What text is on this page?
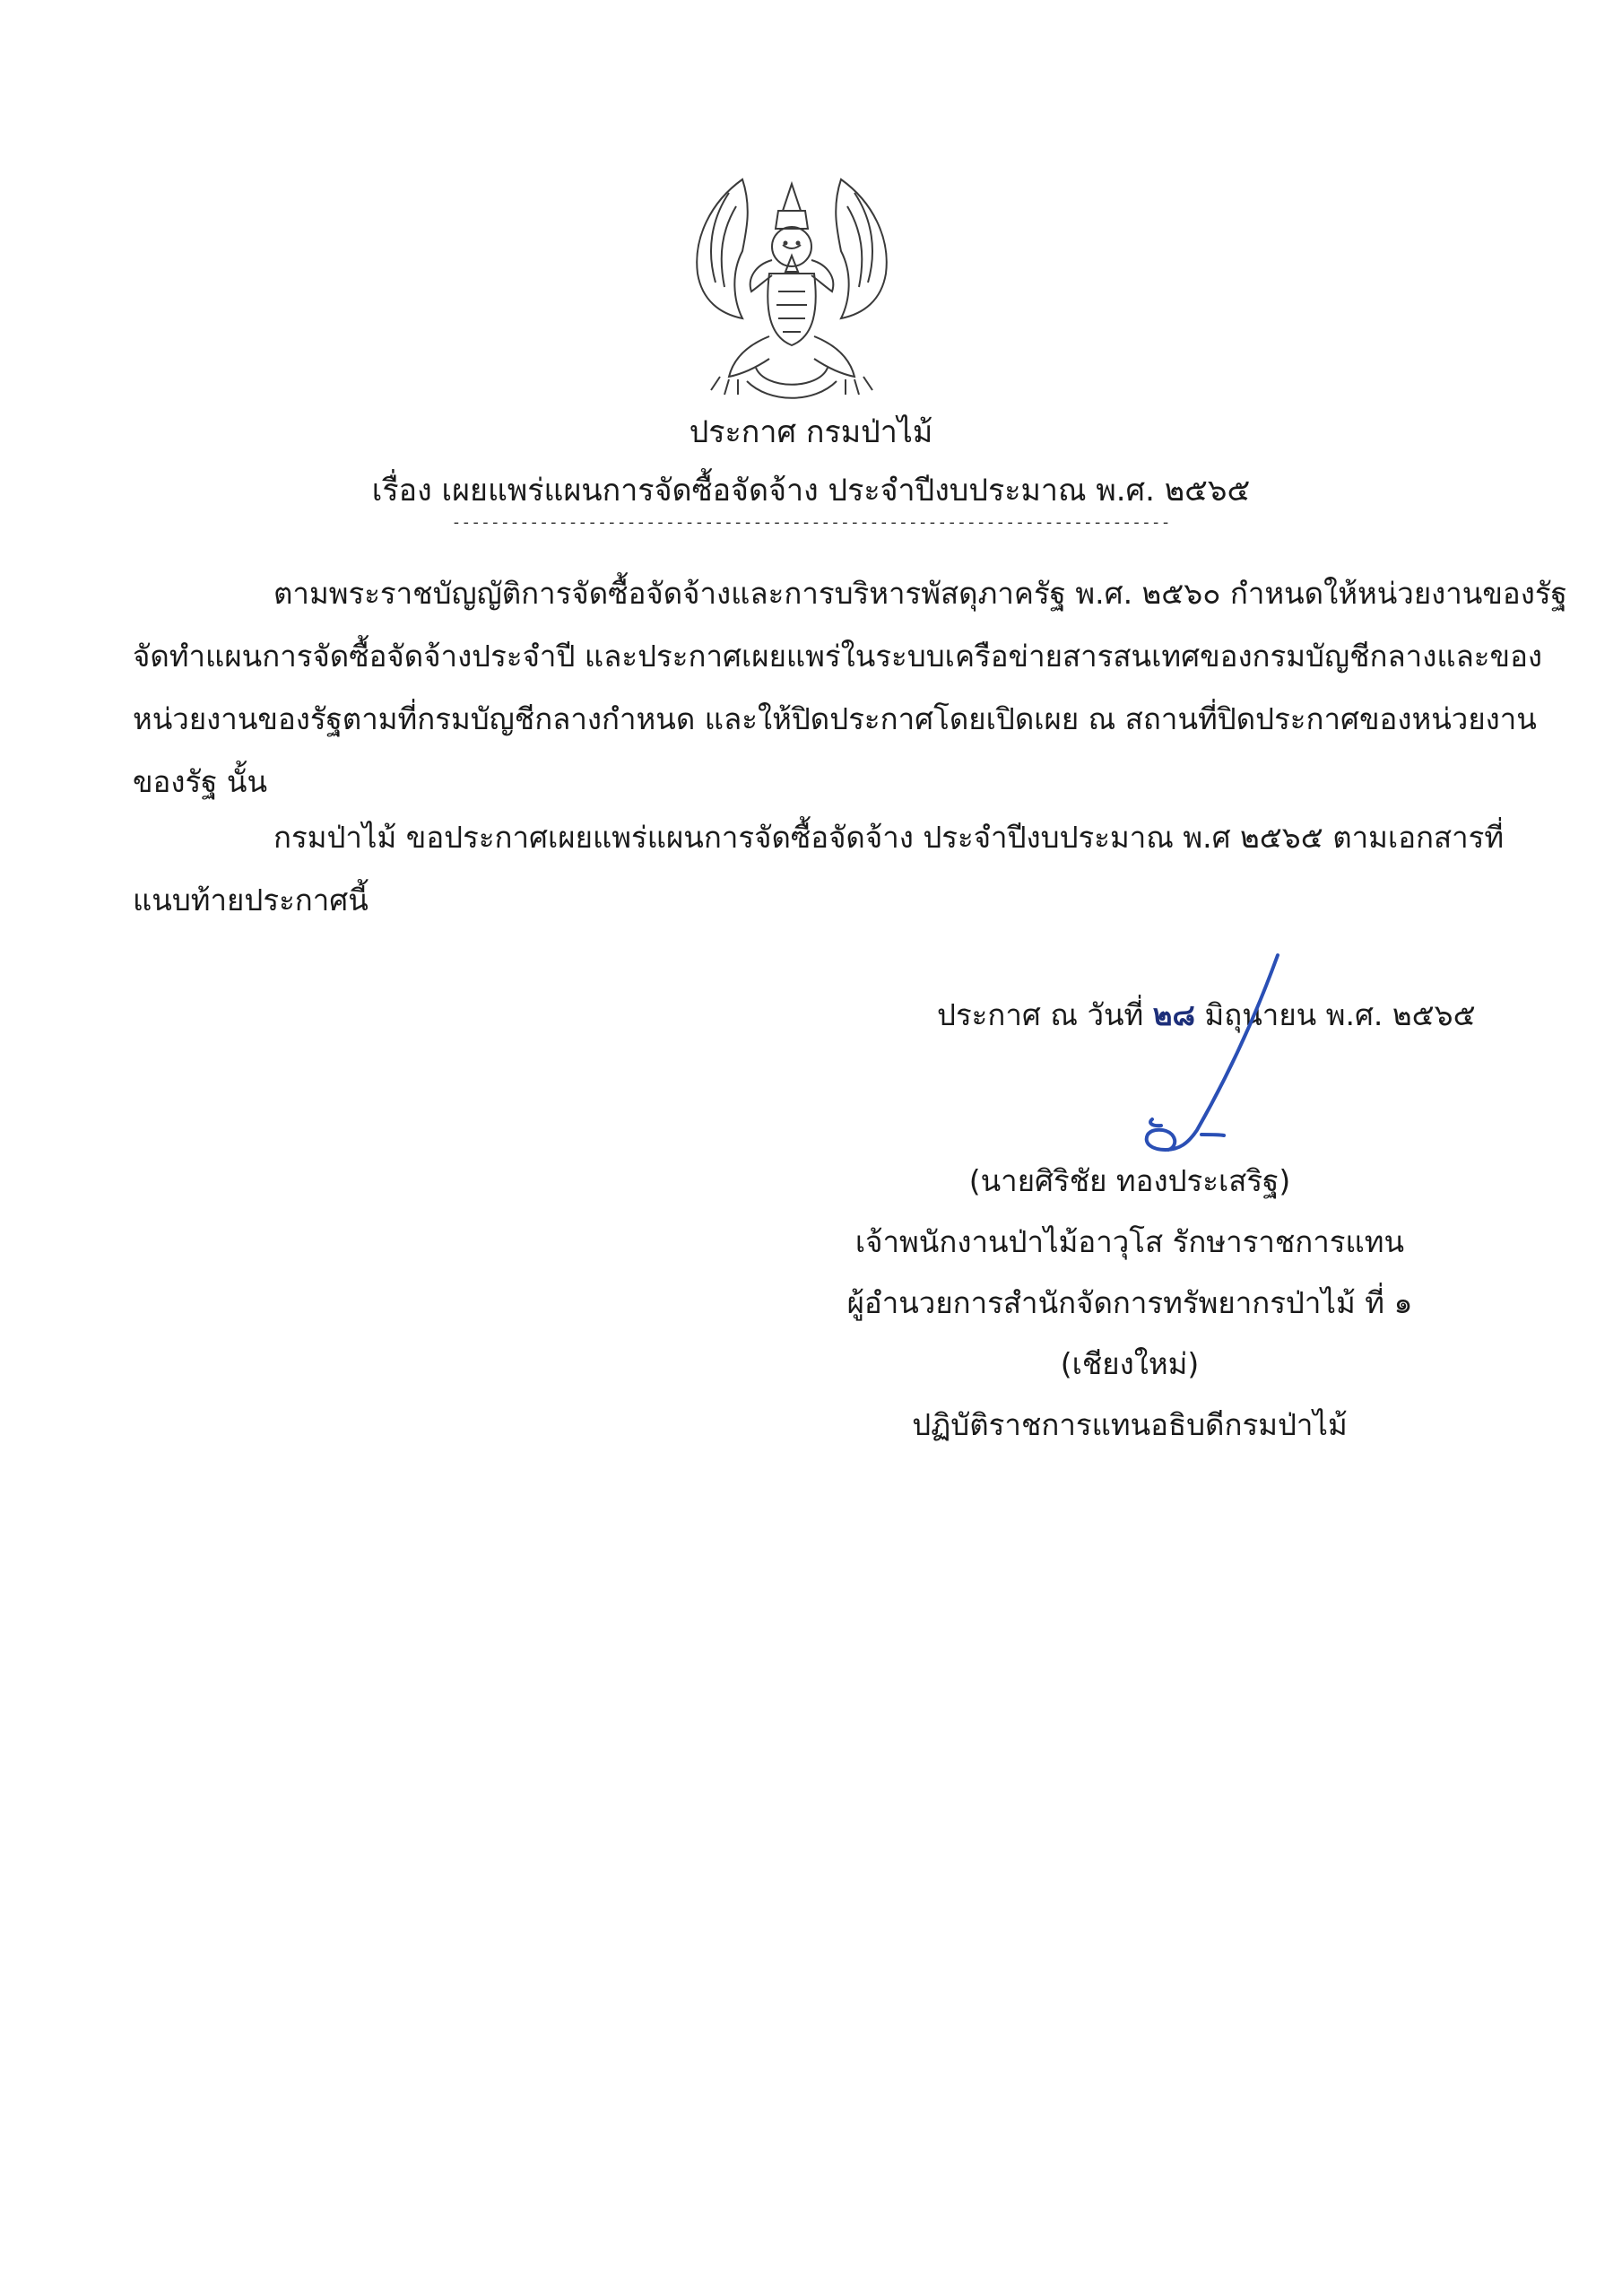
ประกาศ กรมป่าไม้
เรื่อง เผยแพร่แผนการจัดซื้อจัดจ้าง ประจำปีงบประมาณ พ.ศ. ๒๕๖๕
--------------------------------------------------------------------------
ตามพระราชบัญญัติการจัดซื้อจัดจ้างและการบริหารพัสดุภาครัฐ พ.ศ. ๒๕๖๐ กำหนดให้หน่วยงานของรัฐ
จัดทำแผนการจัดซื้อจัดจ้างประจำปี และประกาศเผยแพร่ในระบบเครือข่ายสารสนเทศของกรมบัญชีกลางและของ
หน่วยงานของรัฐตามที่กรมบัญชีกลางกำหนด และให้ปิดประกาศโดยเปิดเผย ณ สถานที่ปิดประกาศของหน่วยงาน
ของรัฐ นั้น
กรมป่าไม้ ขอประกาศเผยแพร่แผนการจัดซื้อจัดจ้าง ประจำปีงบประมาณ พ.ศ ๒๕๖๕ ตามเอกสารที่
แนบท้ายประกาศนี้
ประกาศ ณ วันที่ ๒๘ มิถุนายน พ.ศ. ๒๕๖๕
(นายศิริชัย ทองประเสริฐ)
เจ้าพนักงานป่าไม้อาวุโส รักษาราชการแทน
ผู้อำนวยการสำนักจัดการทรัพยากรป่าไม้ ที่ ๑
(เชียงใหม่)
ปฏิบัติราชการแทนอธิบดีกรมป่าไม้
